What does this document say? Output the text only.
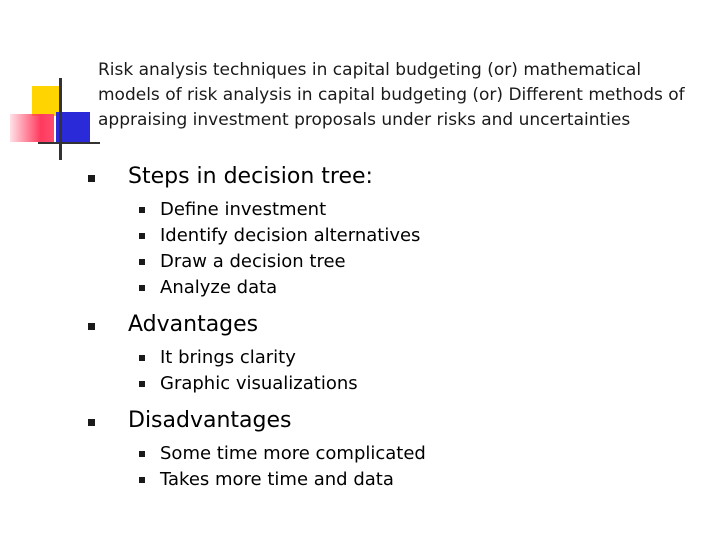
Risk analysis techniques in capital budgeting (or) mathematical models of risk analysis in capital budgeting (or) Different methods of appraising investment proposals under risks and uncertainties
Steps in decision tree:
Define investment
Identify decision alternatives
Draw a decision tree
Analyze data
Advantages
It brings clarity
Graphic visualizations
Disadvantages
Some time more complicated
Takes more time and data
